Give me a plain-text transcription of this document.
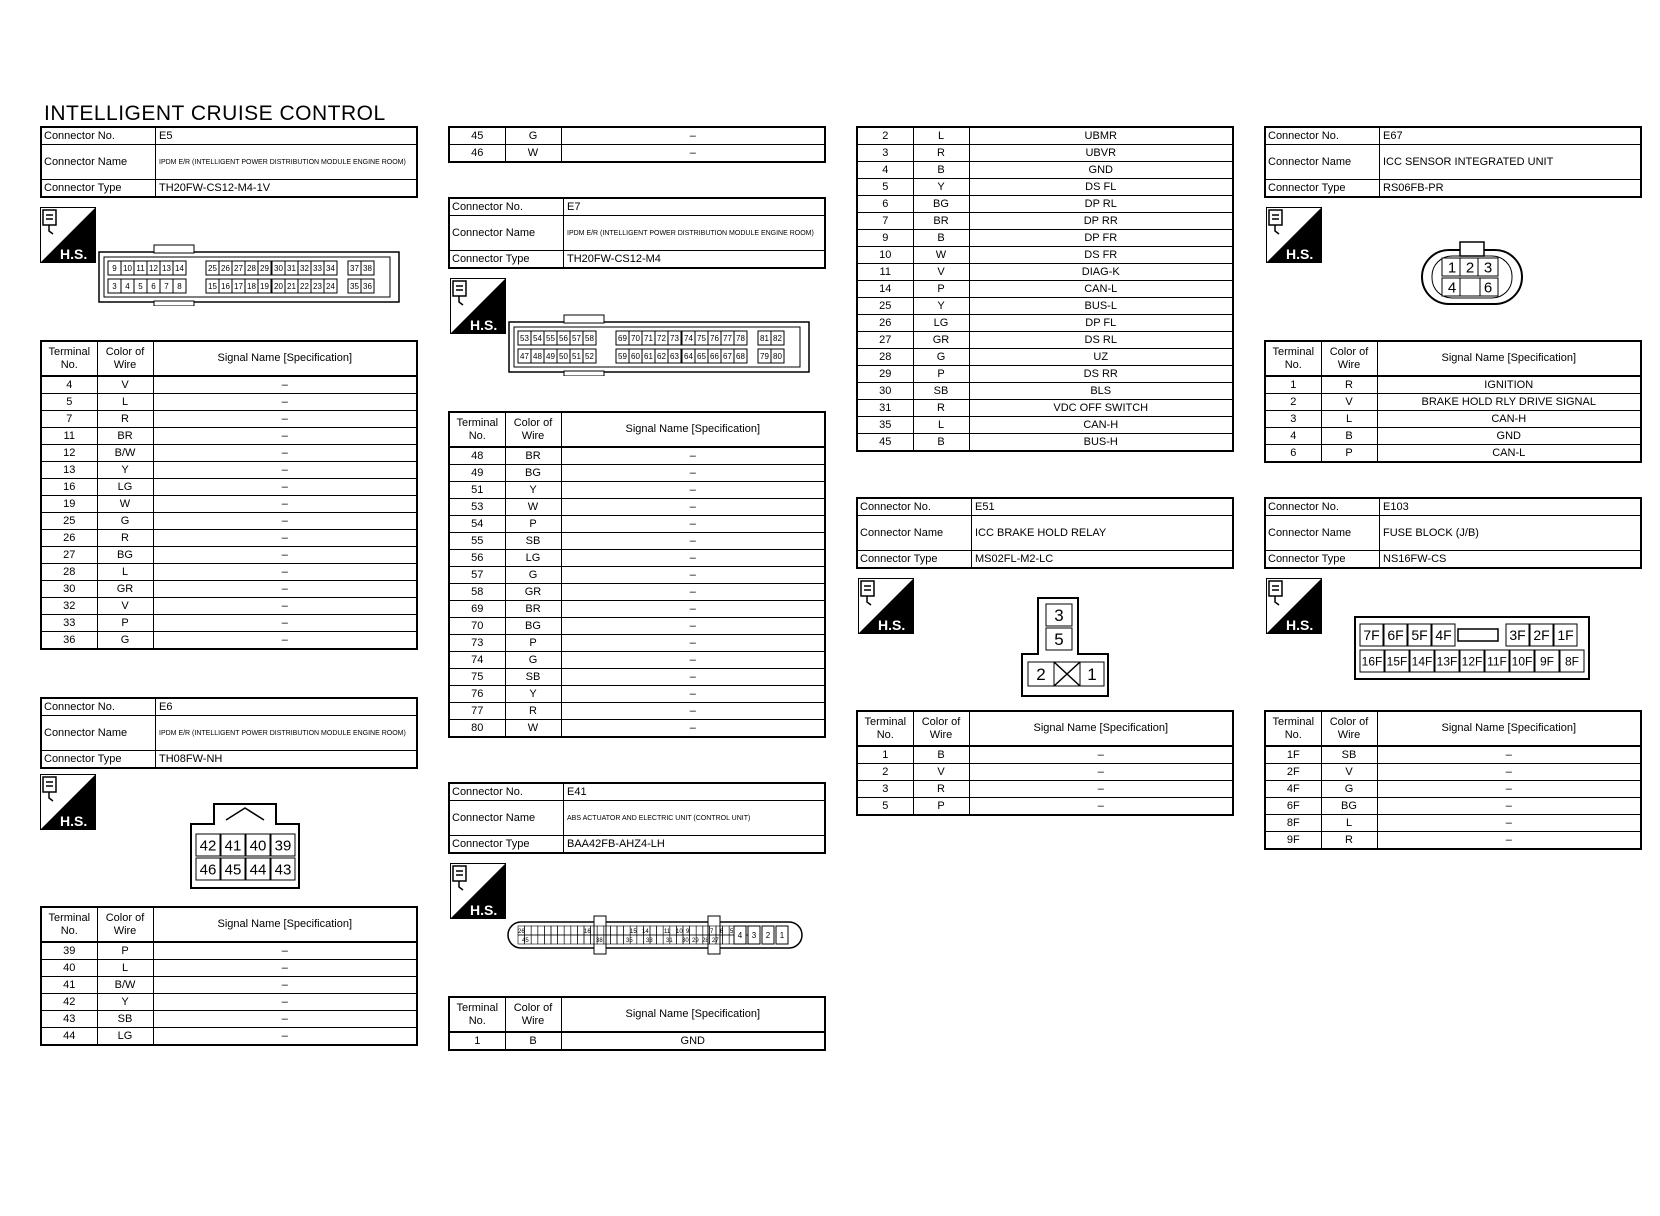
INTELLIGENT CRUISE CONTROL
Connector No.	E5
Connector Name	IPDM E/R (INTELLIGENT POWER DISTRIBUTION MODULE ENGINE ROOM)
Connector Type	TH20FW-CS12-M4-1V
H.S.
9
3
10
4
11
5
12
6
13
7
14
8
25
15
26
16
27
17
28
18
29
19
30
20
31
21
32
22
33
23
34
24
37
35
38
36
Terminal No.	Color of Wire	Signal Name [Specification]
4	V	–
5	L	–
7	R	–
11	BR	–
12	B/W	–
13	Y	–
16	LG	–
19	W	–
25	G	–
26	R	–
27	BG	–
28	L	–
30	GR	–
32	V	–
33	P	–
36	G	–
Connector No.	E6
Connector Name	IPDM E/R (INTELLIGENT POWER DISTRIBUTION MODULE ENGINE ROOM)
Connector Type	TH08FW-NH
H.S.
42
46
41
45
40
44
39
43
Terminal No.	Color of Wire	Signal Name [Specification]
39	P	–
40	L	–
41	B/W	–
42	Y	–
43	SB	–
44	LG	–
45	G	–
46	W	–
Connector No.	E7
Connector Name	IPDM E/R (INTELLIGENT POWER DISTRIBUTION MODULE ENGINE ROOM)
Connector Type	TH20FW-CS12-M4
H.S.
53
47
54
48
55
49
56
50
57
51
58
52
69
59
70
60
71
61
72
62
73
63
74
64
75
65
76
66
77
67
78
68
81
79
82
80
Terminal No.	Color of Wire	Signal Name [Specification]
48	BR	–
49	BG	–
51	Y	–
53	W	–
54	P	–
55	SB	–
56	LG	–
57	G	–
58	GR	–
69	BR	–
70	BG	–
73	P	–
74	G	–
75	SB	–
76	Y	–
77	R	–
80	W	–
Connector No.	E41
Connector Name	ABS ACTUATOR AND ELECTRIC UNIT (CONTROL UNIT)
Connector Type	BAA42FB-AHZ4-LH
H.S.
26	16	15 14	11 10 9	7 6 5
45	38	35 33 31 30 29 28 27
4 3 2 1
Terminal No.	Color of Wire	Signal Name [Specification]
1	B	GND
2	L	UBMR
3	R	UBVR
4	B	GND
5	Y	DS FL
6	BG	DP RL
7	BR	DP RR
9	B	DP FR
10	W	DS FR
11	V	DIAG-K
14	P	CAN-L
25	Y	BUS-L
26	LG	DP FL
27	GR	DS RL
28	G	UZ
29	P	DS RR
30	SB	BLS
31	R	VDC OFF SWITCH
35	L	CAN-H
45	B	BUS-H
Connector No.	E51
Connector Name	ICC BRAKE HOLD RELAY
Connector Type	MS02FL-M2-LC
H.S.	3
5
2 1
Terminal No.	Color of Wire	Signal Name [Specification]
1	B	–
2	V	–
3	R	–
5	P	–
Connector No.	E67
Connector Name	ICC SENSOR INTEGRATED UNIT
Connector Type	RS06FB-PR
H.S.
1 2 3
4 6
Terminal No.	Color of Wire	Signal Name [Specification]
1	R	IGNITION
2	V	BRAKE HOLD RLY DRIVE SIGNAL
3	L	CAN-H
4	B	GND
6	P	CAN-L
Connector No.	E103
Connector Name	FUSE BLOCK (J/B)
Connector Type	NS16FW-CS
H.S.
7F 6F 5F 4F	3F 2F 1F
16F 15F 14F 13F 12F 11F 10F 9F 8F
Terminal No.	Color of Wire	Signal Name [Specification]
1F	SB	–
2F	V	–
4F	G	–
6F	BG	–
8F	L	–
9F	R	–
